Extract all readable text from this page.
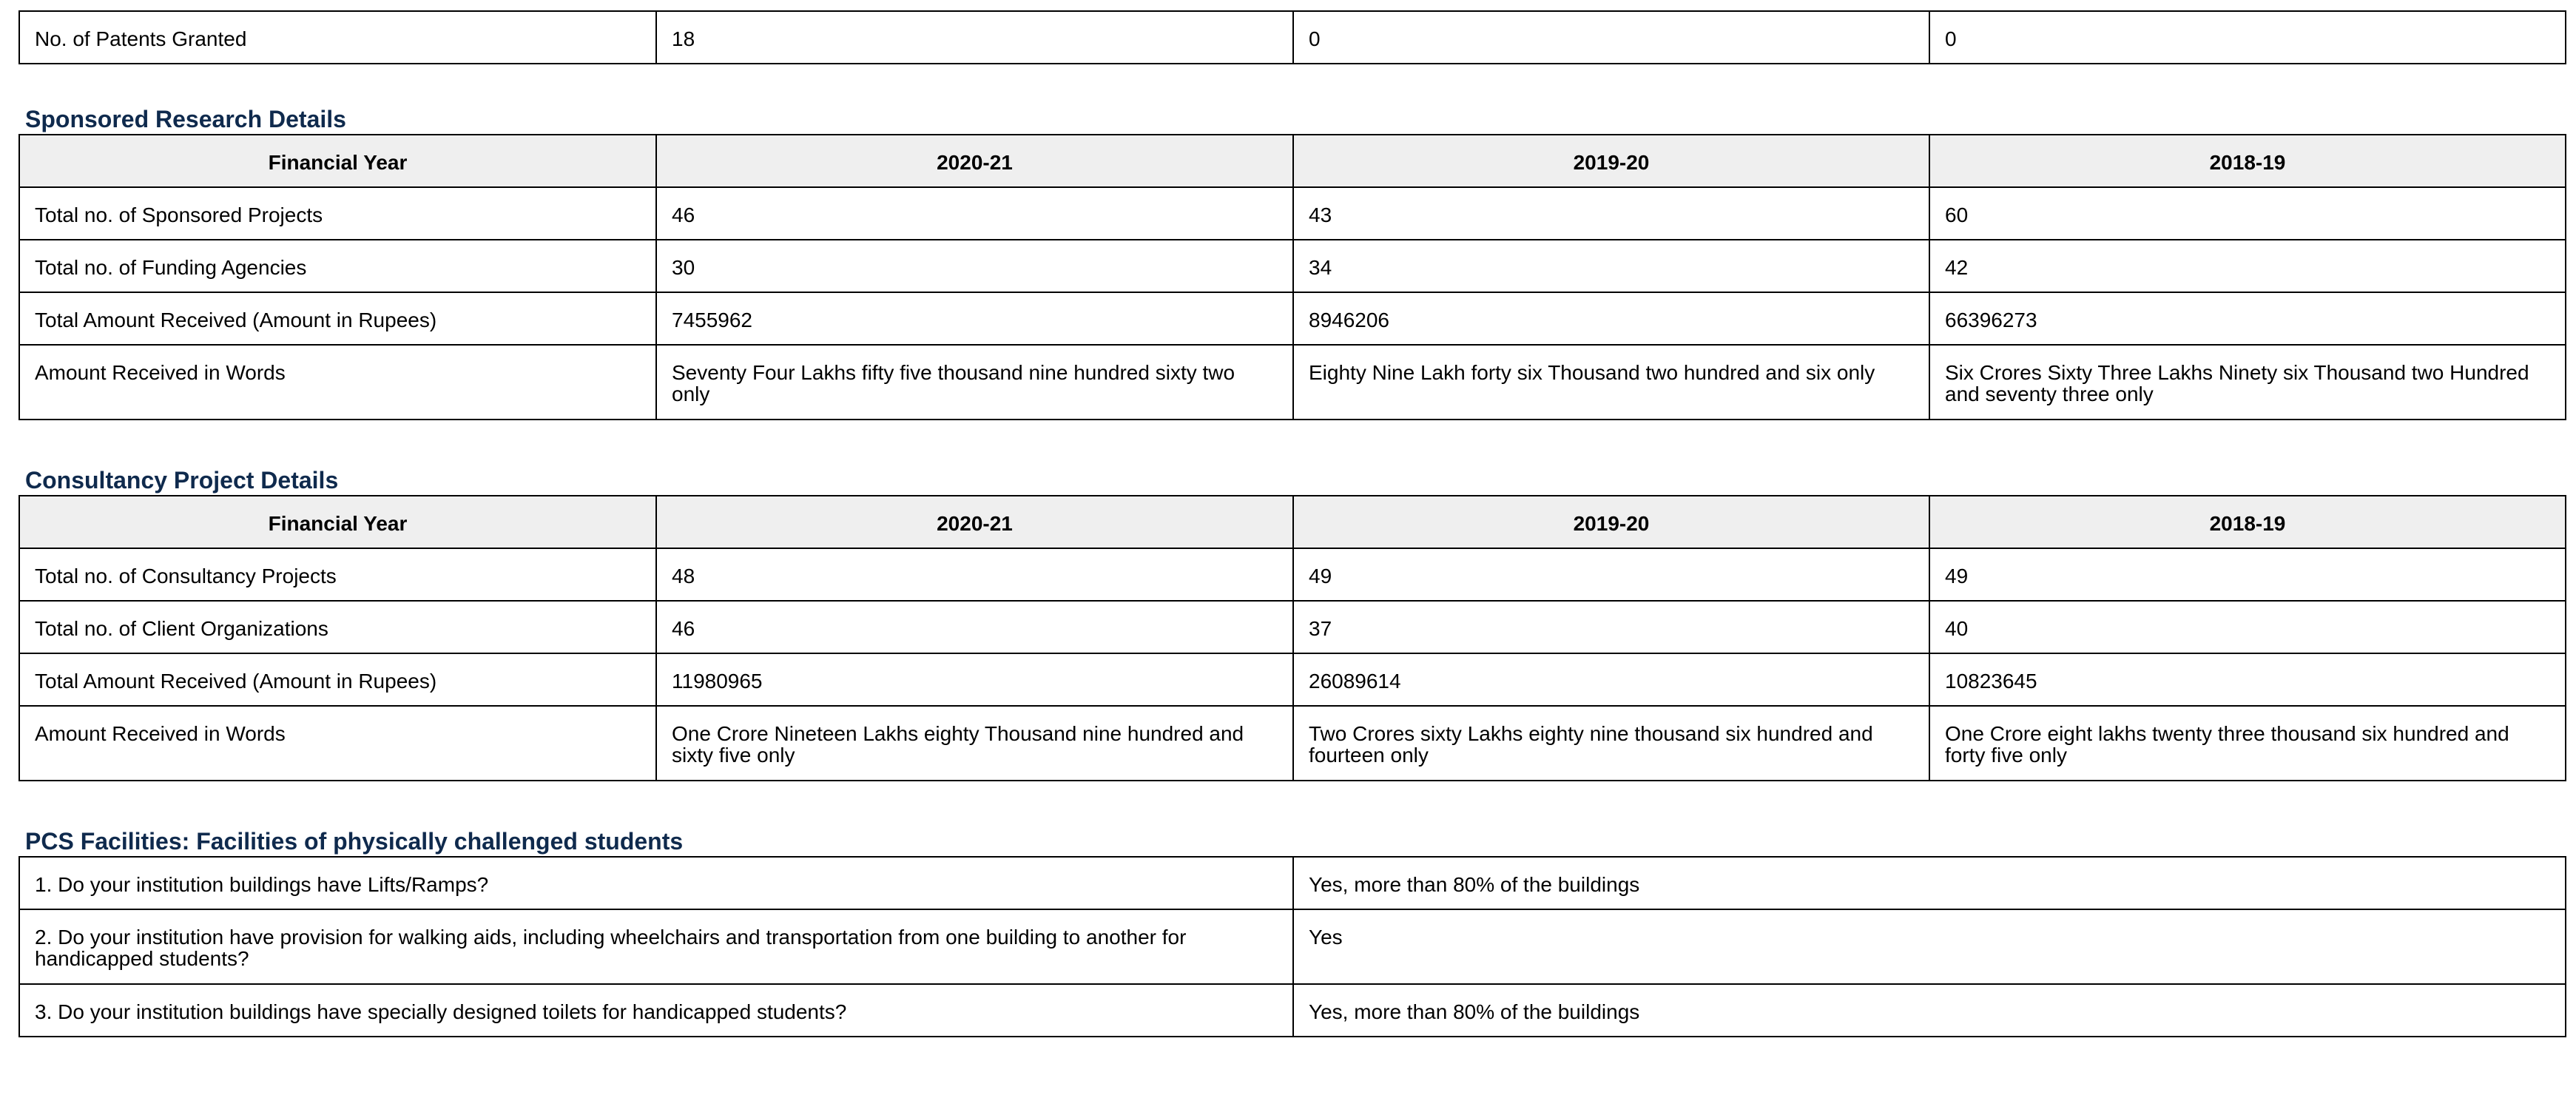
No. of Patents Granted	18	0	0
Sponsored Research Details
Financial Year	2020-21	2019-20	2018-19
Total no. of Sponsored Projects	46	43	60
Total no. of Funding Agencies	30	34	42
Total Amount Received (Amount in Rupees)	7455962	8946206	66396273
Amount Received in Words	Seventy Four Lakhs fifty five thousand nine hundred sixty two only	Eighty Nine Lakh forty six Thousand two hundred and six only	Six Crores Sixty Three Lakhs Ninety six Thousand two Hundred and seventy three only
Consultancy Project Details
Financial Year	2020-21	2019-20	2018-19
Total no. of Consultancy Projects	48	49	49
Total no. of Client Organizations	46	37	40
Total Amount Received (Amount in Rupees)	11980965	26089614	10823645
Amount Received in Words	One Crore Nineteen Lakhs eighty Thousand nine hundred and sixty five only	Two Crores sixty Lakhs eighty nine thousand six hundred and fourteen only	One Crore eight lakhs twenty three thousand six hundred and forty five only
PCS Facilities: Facilities of physically challenged students
1. Do your institution buildings have Lifts/Ramps?	Yes, more than 80% of the buildings
2. Do your institution have provision for walking aids, including wheelchairs and transportation from one building to another for handicapped students?	Yes
3. Do your institution buildings have specially designed toilets for handicapped students?	Yes, more than 80% of the buildings
